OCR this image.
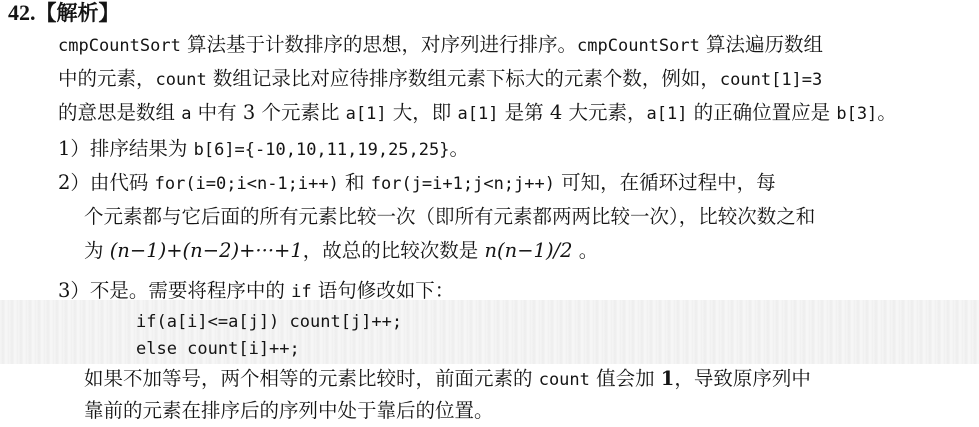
42.【解析】
cmpCountSort 算法基于计数排序的思想，对序列进行排序。cmpCountSort 算法遍历数组
中的元素，count 数组记录比对应待排序数组元素下标大的元素个数，例如，count[1]=3
的意思是数组 a 中有 3 个元素比 a[1] 大，即 a[1] 是第 4 大元素，a[1] 的正确位置应是 b[3]。
1）排序结果为 b[6]={-10,10,11,19,25,25}。
2）由代码 for(i=0;i<n-1;i++) 和 for(j=i+1;j<n;j++) 可知，在循环过程中，每
个元素都与它后面的所有元素比较一次（即所有元素都两两比较一次），比较次数之和
为 (n−1)+(n−2)+···+1，故总的比较次数是 n(n−1)/2 。
3）不是。需要将程序中的 if 语句修改如下：
if(a[i]<=a[j]) count[j]++;
else count[i]++;
如果不加等号，两个相等的元素比较时，前面元素的 count 值会加 1，导致原序列中
靠前的元素在排序后的序列中处于靠后的位置。
